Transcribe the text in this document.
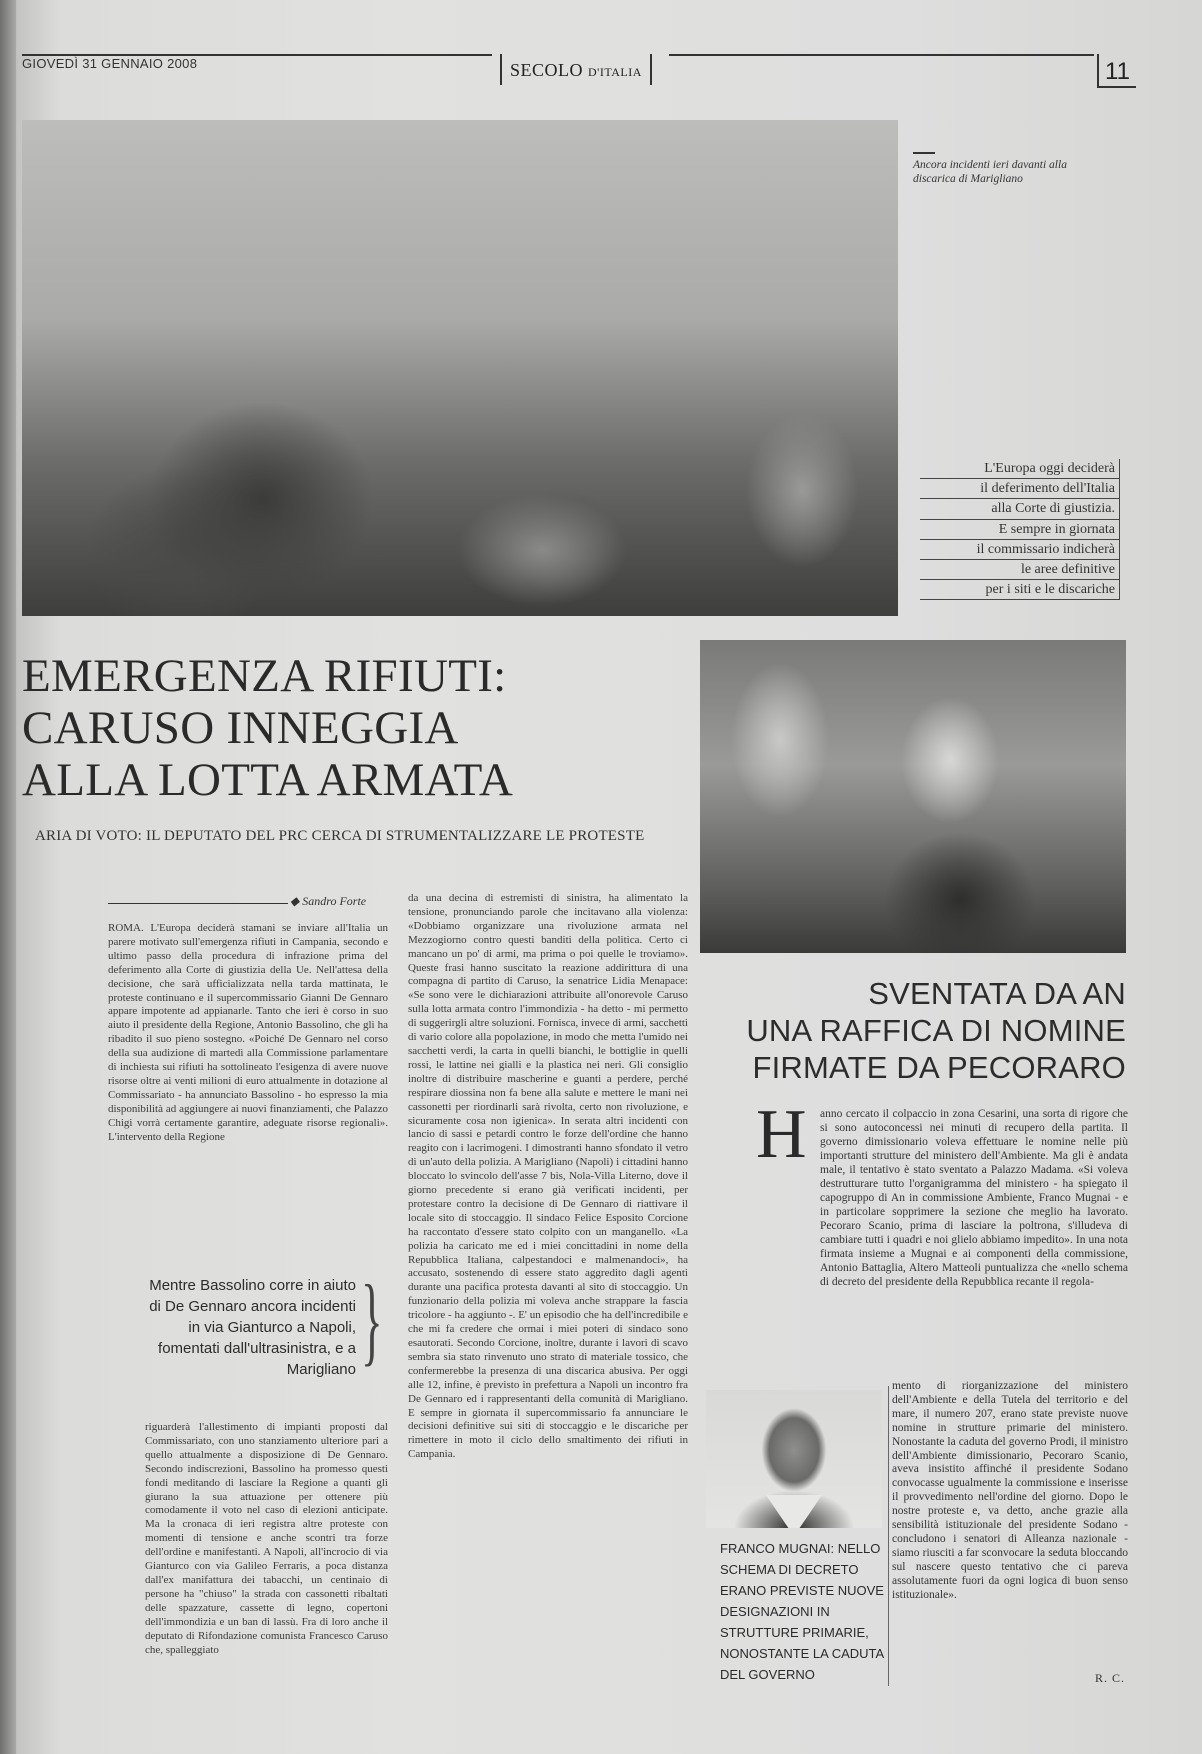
GIOVEDÌ 31 GENNAIO 2008	SECOLO D'ITALIA	11
Ancora incidenti ieri davanti alla discarica di Marigliano
L'Europa oggi deciderà
il deferimento dell'Italia
alla Corte di giustizia.
E sempre in giornata
il commissario indicherà
le aree definitive
per i siti e le discariche
EMERGENZA RIFIUTI:
CARUSO INNEGGIA
ALLA LOTTA ARMATA
ARIA DI VOTO: IL DEPUTATO DEL PRC CERCA DI STRUMENTALIZZARE LE PROTESTE
◆ Sandro Forte
ROMA. L'Europa deciderà stamani se inviare all'Italia un parere motivato sull'emergenza rifiuti in Campania, secondo e ultimo passo della procedura di infrazione prima del deferimento alla Corte di giustizia della Ue. Nell'attesa della decisione, che sarà ufficializzata nella tarda mattinata, le proteste continuano e il supercommissario Gianni De Gennaro appare impotente ad appianarle. Tanto che ieri è corso in suo aiuto il presidente della Regione, Antonio Bassolino, che gli ha ribadito il suo pieno sostegno. «Poiché De Gennaro nel corso della sua audizione di martedì alla Commissione parlamentare di inchiesta sui rifiuti ha sottolineato l'esigenza di avere nuove risorse oltre ai venti milioni di euro attualmente in dotazione al Commissariato - ha annunciato Bassolino - ho espresso la mia disponibilità ad aggiungere ai nuovi finanziamenti, che Palazzo Chigi vorrà certamente garantire, adeguate risorse regionali». L'intervento della Regione
Mentre Bassolino corre in aiuto di De Gennaro ancora incidenti in via Gianturco a Napoli, fomentati dall'ultrasinistra, e a Marigliano }
riguarderà l'allestimento di impianti proposti dal Commissariato, con uno stanziamento ulteriore pari a quello attualmente a disposizione di De Gennaro. Secondo indiscrezioni, Bassolino ha promesso questi fondi meditando di lasciare la Regione a quanti gli giurano la sua attuazione per ottenere più comodamente il voto nel caso di elezioni anticipate. Ma la cronaca di ieri registra altre proteste con momenti di tensione e anche scontri tra forze dell'ordine e manifestanti. A Napoli, all'incrocio di via Gianturco con via Galileo Ferraris, a poca distanza dall'ex manifattura dei tabacchi, un centinaio di persone ha "chiuso" la strada con cassonetti ribaltati delle spazzature, cassette di legno, copertoni dell'immondizia e un ban di lassù. Fra di loro anche il deputato di Rifondazione comunista Francesco Caruso che, spalleggiato
da una decina di estremisti di sinistra, ha alimentato la tensione, pronunciando parole che incitavano alla violenza: «Dobbiamo organizzare una rivoluzione armata nel Mezzogiorno contro questi banditi della politica. Certo ci mancano un po' di armi, ma prima o poi quelle le troviamo». Queste frasi hanno suscitato la reazione addirittura di una compagna di partito di Caruso, la senatrice Lidia Menapace: «Se sono vere le dichiarazioni attribuite all'onorevole Caruso sulla lotta armata contro l'immondizia - ha detto - mi permetto di suggerirgli altre soluzioni. Fornisca, invece di armi, sacchetti di vario colore alla popolazione, in modo che metta l'umido nei sacchetti verdi, la carta in quelli bianchi, le bottiglie in quelli rossi, le lattine nei gialli e la plastica nei neri. Gli consiglio inoltre di distribuire mascherine e guanti a perdere, perché respirare diossina non fa bene alla salute e mettere le mani nei cassonetti per riordinarli sarà rivolta, certo non rivoluzione, e sicuramente cosa non igienica». In serata altri incidenti con lancio di sassi e petardi contro le forze dell'ordine che hanno reagito con i lacrimogeni. I dimostranti hanno sfondato il vetro di un'auto della polizia. A Marigliano (Napoli) i cittadini hanno bloccato lo svincolo dell'asse 7 bis, Nola-Villa Literno, dove il giorno precedente si erano già verificati incidenti, per protestare contro la decisione di De Gennaro di riattivare il locale sito di stoccaggio. Il sindaco Felice Esposito Corcione ha raccontato d'essere stato colpito con un manganello. «La polizia ha caricato me ed i miei concittadini in nome della Repubblica Italiana, calpestandoci e malmenandoci», ha accusato, sostenendo di essere stato aggredito dagli agenti durante una pacifica protesta davanti al sito di stoccaggio. Un funzionario della polizia mi voleva anche strappare la fascia tricolore - ha aggiunto -. E' un episodio che ha dell'incredibile e che mi fa credere che ormai i miei poteri di sindaco sono esautorati. Secondo Corcione, inoltre, durante i lavori di scavo sembra sia stato rinvenuto uno strato di materiale tossico, che confermerebbe la presenza di una discarica abusiva. Per oggi alle 12, infine, è previsto in prefettura a Napoli un incontro fra De Gennaro ed i rappresentanti della comunità di Marigliano. E sempre in giornata il supercommissario fa annunciare le decisioni definitive sui siti di stoccaggio e le discariche per rimettere in moto il ciclo dello smaltimento dei rifiuti in Campania.
SVENTATA DA AN
UNA RAFFICA DI NOMINE
FIRMATE DA PECORARO
H anno cercato il colpaccio in zona Cesarini, una sorta di rigore che si sono autoconcessi nei minuti di recupero della partita. Il governo dimissionario voleva effettuare le nomine nelle più importanti strutture del ministero dell'Ambiente. Ma gli è andata male, il tentativo è stato sventato a Palazzo Madama. «Si voleva destrutturare tutto l'organigramma del ministero - ha spiegato il capogruppo di An in commissione Ambiente, Franco Mugnai - e in particolare sopprimere la sezione che meglio ha lavorato. Pecoraro Scanio, prima di lasciare la poltrona, s'illudeva di cambiare tutti i quadri e noi glielo abbiamo impedito». In una nota firmata insieme a Mugnai e ai componenti della commissione, Antonio Battaglia, Altero Matteoli puntualizza che «nello schema di decreto del presidente della Repubblica recante il regola-
FRANCO MUGNAI: NELLO SCHEMA DI DECRETO ERANO PREVISTE NUOVE DESIGNAZIONI IN STRUTTURE PRIMARIE, NONOSTANTE LA CADUTA DEL GOVERNO
mento di riorganizzazione del ministero dell'Ambiente e della Tutela del territorio e del mare, il numero 207, erano state previste nuove nomine in strutture primarie del ministero. Nonostante la caduta del governo Prodi, il ministro dell'Ambiente dimissionario, Pecoraro Scanio, aveva insistito affinché il presidente Sodano convocasse ugualmente la commissione e inserisse il provvedimento nell'ordine del giorno. Dopo le nostre proteste e, va detto, anche grazie alla sensibilità istituzionale del presidente Sodano - concludono i senatori di Alleanza nazionale - siamo riusciti a far sconvocare la seduta bloccando sul nascere questo tentativo che ci pareva assolutamente fuori da ogni logica di buon senso istituzionale».
R. C.
